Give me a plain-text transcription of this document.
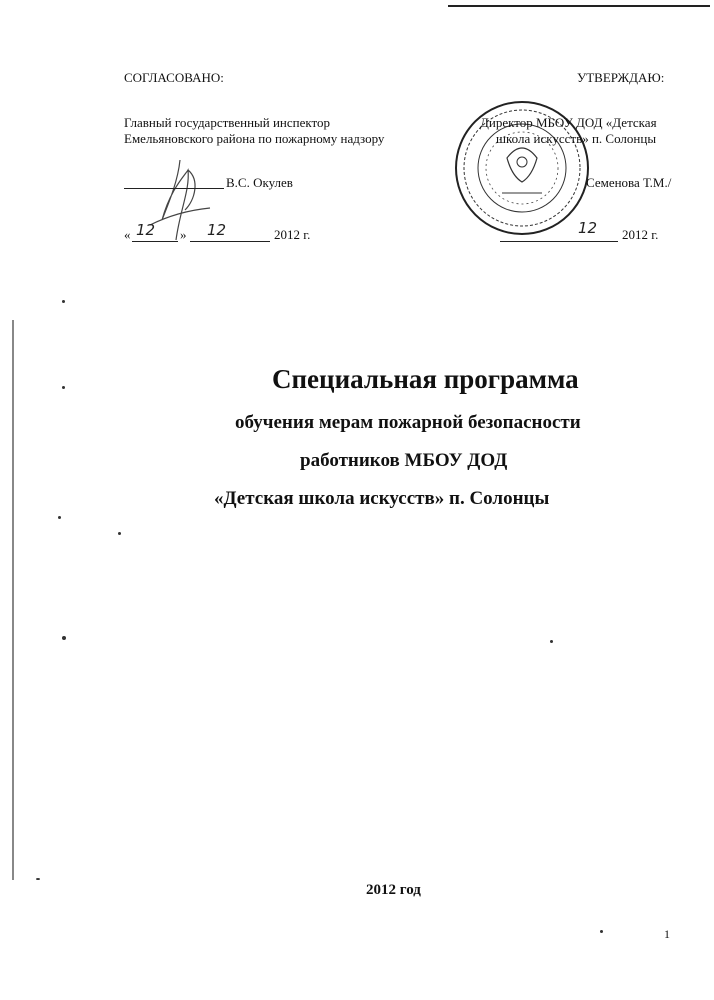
СОГЛАСОВАНО:
Главный государственный инспектор
Емельяновского района по пожарному надзору
В.С. Окулев
« 12 » 12	2012 г.
УТВЕРЖДАЮ:
Директор МБОУ ДОД «Детская
школа искусств» п. Солонцы
Семенова Т.М./
12 2012 г.
Специальная программа
обучения мерам пожарной безопасности
работников МБОУ ДОД
«Детская школа искусств» п. Солонцы
2012 год
1
